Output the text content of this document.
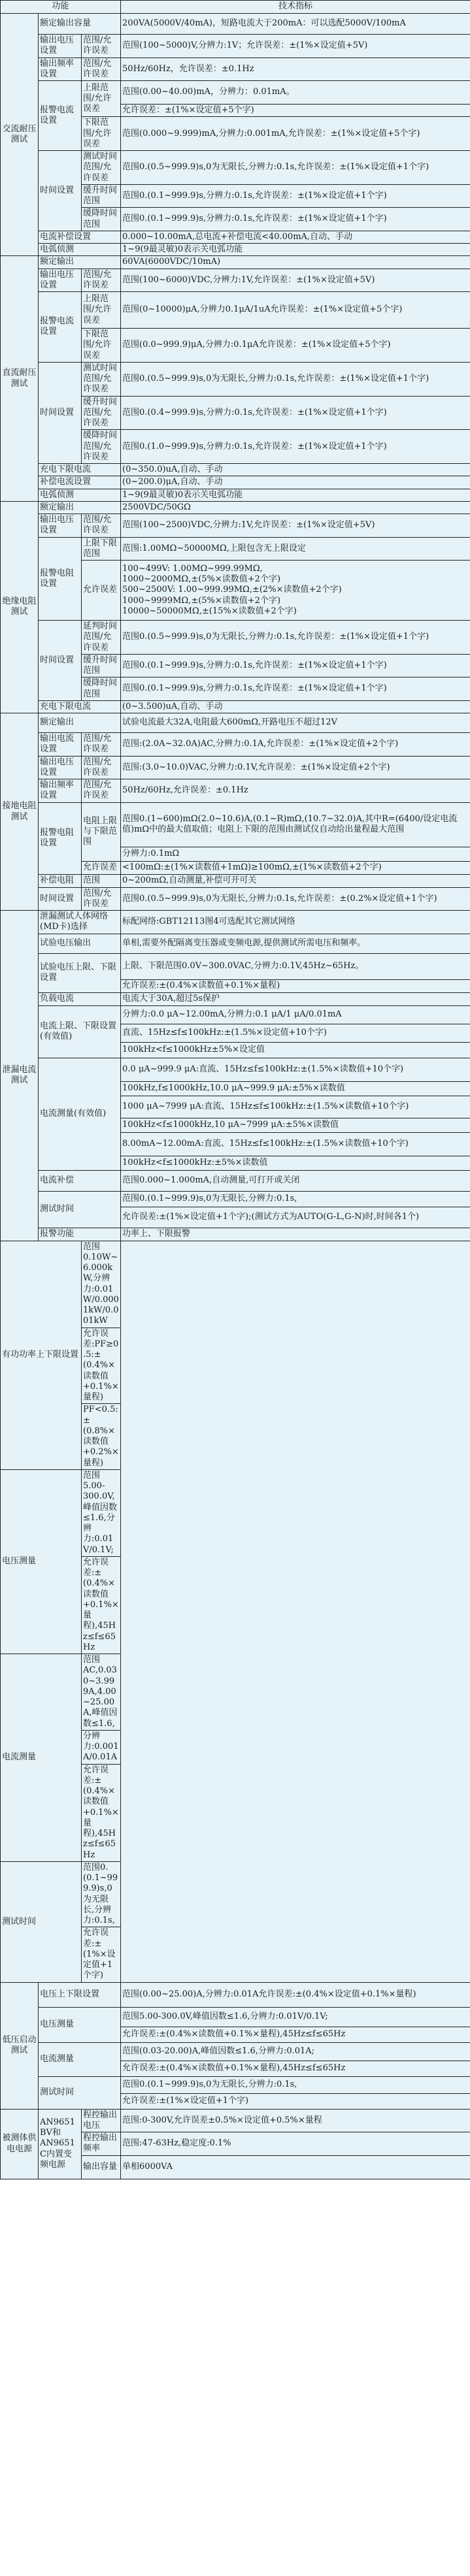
功能			技术指标
交流耐压测试	额定输出容量		200VA(5000V/40mA)，短路电流大于200mA：可以选配5000V/100mA
	输出电压设置	范围/允许误差	范围(100~5000)V,分辨力:1V；允许误差：±(1%×设定值+5V)
	输出频率设置	范围/允许误差	50Hz/60Hz，允许误差：±0.1Hz
	报警电流设置	上限范围/允许误差	范围(0.00~40.00)mA，分辨力：0.01mA。
			允许误差：±(1%×设定值+5个字)
		下限范围/允许误差	范围(0.000~9.999)mA,分辨力:0.001mA,允许误差：±(1%×设定值+5个字)
	时间设置	测试时间范围/允许误差	范围0.(0.5~999.9)s,0为无限长,分辨力:0.1s,允许误差：±(1%×设定值+1个字)
		缓升时间范围	范围0.(0.1~999.9)s,分辨力:0.1s,允许误差：±(1%×设定值+1个字)
		缓降时间范围	范围0.(0.1~999.9)s,分辨力:0.1s,允许误差：±(1%×设定值+1个字)
	电流补偿设置		0.000~10.00mA,总电流+补偿电流<40.00mA,自动、手动
	电弧侦测		1~9(9最灵敏)0表示关电弧功能
直流耐压测试	额定输出		60VA(6000VDC/10mA)
	输出电压设置	范围/允许误差	范围(100~6000)VDC,分辨力:1V,允许误差：±(1%×设定值+5V)
	报警电流设置	上限范围/允许误差	范围(0~10000)μA,分辨力0.1μA/1uA允许误差：±(1%×设定值+5个字)
		下限范围/允许误差	范围(0.0~999.9)μA,分辨力:0.1μA允许误差：±(1%×设定值+5个字)
	时间设置	测试时间范围/允许误差	范围0.(0.5~999.9)s,0为无限长,分辨力:0.1s,允许误差：±(1%×设定值+1个字)
		缓升时间范围/允许误差	范围0.(0.4~999.9)s,分辨力:0.1s,允许误差：±(1%×设定值+1个字)
		缓降时间范围/允许误差	范围0.(1.0~999.9)s,分辨力:0.1s,允许误差：±(1%×设定值+1个字)
	充电下限电流		(0~350.0)uA,自动、手动
	补偿电流设置		(0~200.0)μA,自动、手动
	电弧侦测		1~9(9最灵敏)0表示关电弧功能
绝缘电阻测试	额定输出		2500VDC/50GΩ
	输出电压设置	范围/允许误差	范围(100~2500)VDC,分辨力:1V,允许误差：±(1%×设定值+5V)
	报警电阻设置	上限下限范围	范围:1.00MΩ~50000MΩ,上限包含无上限设定
		允许误差	100~499V: 1.00MΩ~999.99MΩ,
1000~2000MΩ,±(5%×读数值+2个字)
500~2500V: 1.00~999.99MΩ,±(2%×读数值+2个字)
1000~9999MΩ,±(5%×读数值+2个字)
10000~50000MΩ,±(15%×读数值+2个字)
	时间设置	延判时间范围/允许误差	范围0.(0.5~999.9)s,0为无限长,分辨力:0.1s,允许误差：±(1%×设定值+1个字)
		缓升时间范围	范围0.(0.1~999.9)s,分辨力:0.1s,允许误差：±(1%×设定值+1个字)
		缓降时间范围	范围0.(0.1~999.9)s,分辨力:0.1s,允许误差：±(1%×设定值+1个字)
	充电下限电流		(0~3.500)uA,自动、手动
接地电阻测试	额定输出		试验电流最大32A,电阻最大600mΩ,开路电压不超过12V
	输出电流设置	范围/允许误差	范围:(2.0A~32.0A)AC,分辨力:0.1A,允许误差：±(1%×设定值+2个字)
	输出电压设置	范围/允许误差	范围:(3.0~10.0)VAC,分辨力:0.1V,允许误差：±(1%×设定值+2个字)
	输出频率设置	范围/允许误差	50Hz/60Hz,允许误差：±0.1Hz
	报警电阻设置	电阻上限与下限范围	范围0.(1~600)mΩ(2.0~10.6)A,(0.1~R)mΩ,(10.7~32.0)A,其中R=(6400/设定电流值)mΩ中的最大值取值；电阻上下限的范围由测试仪自动给出量程最大范围
			分辨力:0.1mΩ
		允许误差	<100mΩ:±(1%×读数值+1mΩ)≥100mΩ,±(1%×读数值+2个字)
	补偿电阻	范围	0~200mΩ,自动测量,补偿可开可关
	时间设置	范围/允许误差	范围0.(0.5~999.9)s,0为无限长,分辨力:0.1s,允许误差：±(0.2%×设定值+1个字)
泄漏电流测试	泄漏测试人体网络(MD卡)选择		标配网络:GBT12113图4可选配其它测试网络
	试验电压输出		单相,需要外配隔离变压器或变频电源,提供测试所需电压和频率。
	试验电压上限、下限设置		上限、下限范围0.0V~300.0VAC,分辨力:0.1V,45Hz~65Hz。
			允许误差:±(0.4%×读数值+0.1%×量程)
	负载电流		电流大于30A,超过5s保护
	电流上限、下限设置(有效值)		分辨力:0.0 μA~12.00mA,分辨力:0.1 μA/1 μA/0.01mA
			直流、15Hz≤f≤100kHz:±(1.5%×设定值+10个字)
			100kHz<f≤1000kHz±5%×设定值
	电流测量(有效值)		0.0 μA~999.9 μA:直流、15Hz≤f≤100kHz:±(1.5%×读数值+10个字)
			100kHz,f≤1000kHz,10.0 μA~999.9 μA:±5%×读数值
			1000 μA~7999 μA:直流、15Hz≤f≤100kHz:±(1.5%×读数值+10个字)
			100kHz<f≤1000kHz,10 μA~7999 μA:±5%×读数值
			8.00mA~12.00mA:直流、15Hz≤f≤100kHz:±(1.5%×读数值+10个字)
			100kHz<f≤1000kHz:±5%×读数值
	电流补偿		范围0.000~1.000mA,自动测量,可打开或关闭
	测试时间		范围0.(0.1~999.9)s,0为无限长,分辨力:0.1s,
			允许误差:±(1%×设定值+1个字);(测试方式为AUTO(G-L,G-N)时,时间各1个)
	报警功能		功率上、下限报警
有功功率上下限设置		范围0.10W~6.000kW,分辨力:0.01W/0.0001kW/0.001kW	
		允许误差:PF≥0.5:±(0.4%×读数值+0.1%×量程)	
		PF<0.5:±(0.8%×读数值+0.2%×量程)	
电压测量		范围5.00-300.0V,峰值因数≤1.6,分辨力:0.01V/0.1V;	
		允许误差:±(0.4%×读数值+0.1%×量程),45Hz≤f≤65Hz	
电流测量		范围AC,0.030~3.999A,4.00~25.00A,峰值因数≤1.6,	
		分辨力:0.001A/0.01A	
		允许误差:±(0.4%×读数值+0.1%×量程),45Hz≤f≤65Hz	
测试时间		范围0.(0.1~999.9)s,0为无限长,分辨力:0.1s,	
		允许误差:±(1%×设定值+1个字)	
低压启动测试	电压上下限设置		范围(0.00~25.00)A,分辨力:0.01A允许误差:±(0.4%×设定值+0.1%×量程)
	电压测量		范围5.00-300.0V,峰值因数≤1.6,分辨力:0.01V/0.1V;
			允许误差:±(0.4%×读数值+0.1%×量程),45Hz≤f≤65Hz
	电流测量		范围(0.03-20.00)A,峰值因数≤1.6,分辨力:0.01A;
			允许误差:±(0.4%×读数值+0.1%×量程),45Hz≤f≤65Hz
	测试时间		范围0.(0.1~999.9)s,0为无限长,分辨力:0.1s,
			允许误差:±(1%×设定值+1个字)
被测体供电电源	AN9651BV和AN9651C内置变频电源	程控输出电压	范围:0-300V,允许误差±0.5%×设定值+0.5%×量程
		程控输出频率	范围:47-63Hz,稳定度:0.1%
		输出容量	单相6000VA
